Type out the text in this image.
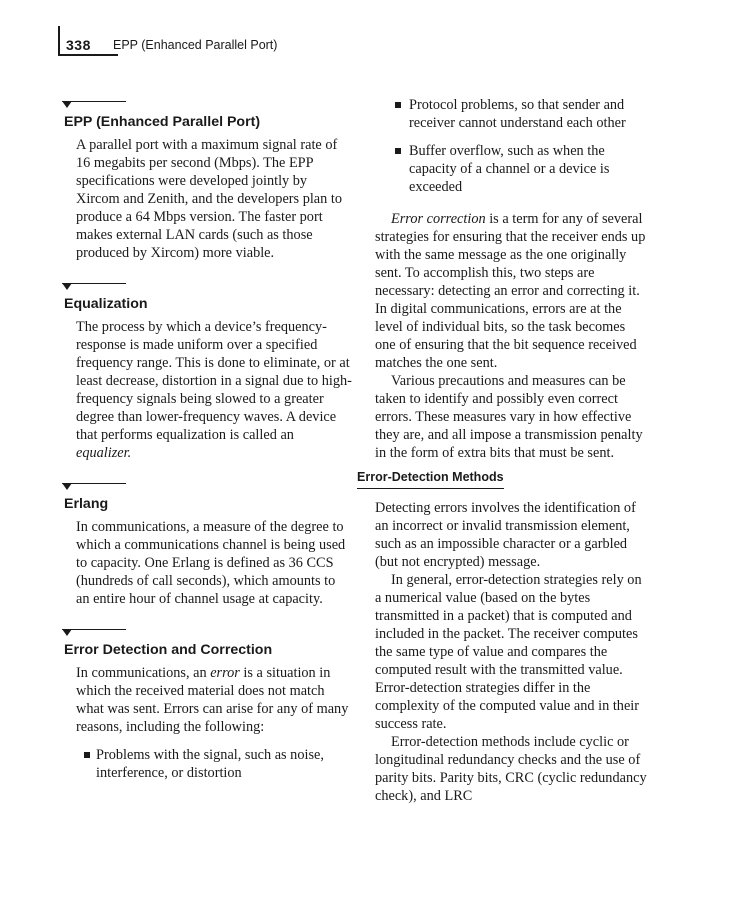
338 EPP (Enhanced Parallel Port)
EPP (Enhanced Parallel Port)

A parallel port with a maximum signal rate of 16 megabits per second (Mbps). The EPP specifications were developed jointly by Xircom and Zenith, and the developers plan to produce a 64 Mbps version. The faster port makes external LAN cards (such as those produced by Xircom) more viable.

Equalization

The process by which a device’s frequency-response is made uniform over a specified frequency range. This is done to eliminate, or at least decrease, distortion in a signal due to high-frequency signals being slowed to a greater degree than lower-frequency waves. A device that performs equalization is called an equalizer.

Erlang

In communications, a measure of the degree to which a communications channel is being used to capacity. One Erlang is defined as 36 CCS (hundreds of call seconds), which amounts to an entire hour of channel usage at capacity.

Error Detection and Correction

In communications, an error is a situation in which the received material does not match what was sent. Errors can arise for any of many reasons, including the following:

Problems with the signal, such as noise, interference, or distortion
Protocol problems, so that sender and receiver cannot understand each other
Buffer overflow, such as when the capacity of a channel or a device is exceeded

Error correction is a term for any of several strategies for ensuring that the receiver ends up with the same message as the one originally sent. To accomplish this, two steps are necessary: detecting an error and correcting it. In digital communications, errors are at the level of individual bits, so the task becomes one of ensuring that the bit sequence received matches the one sent.

Various precautions and measures can be taken to identify and possibly even correct errors. These measures vary in how effective they are, and all impose a transmission penalty in the form of extra bits that must be sent.

Error-Detection Methods

Detecting errors involves the identification of an incorrect or invalid transmission element, such as an impossible character or a garbled (but not encrypted) message.

In general, error-detection strategies rely on a numerical value (based on the bytes transmitted in a packet) that is computed and included in the packet. The receiver computes the same type of value and compares the computed result with the transmitted value. Error-detection strategies differ in the complexity of the computed value and in their success rate.

Error-detection methods include cyclic or longitudinal redundancy checks and the use of parity bits. Parity bits, CRC (cyclic redundancy check), and LRC
